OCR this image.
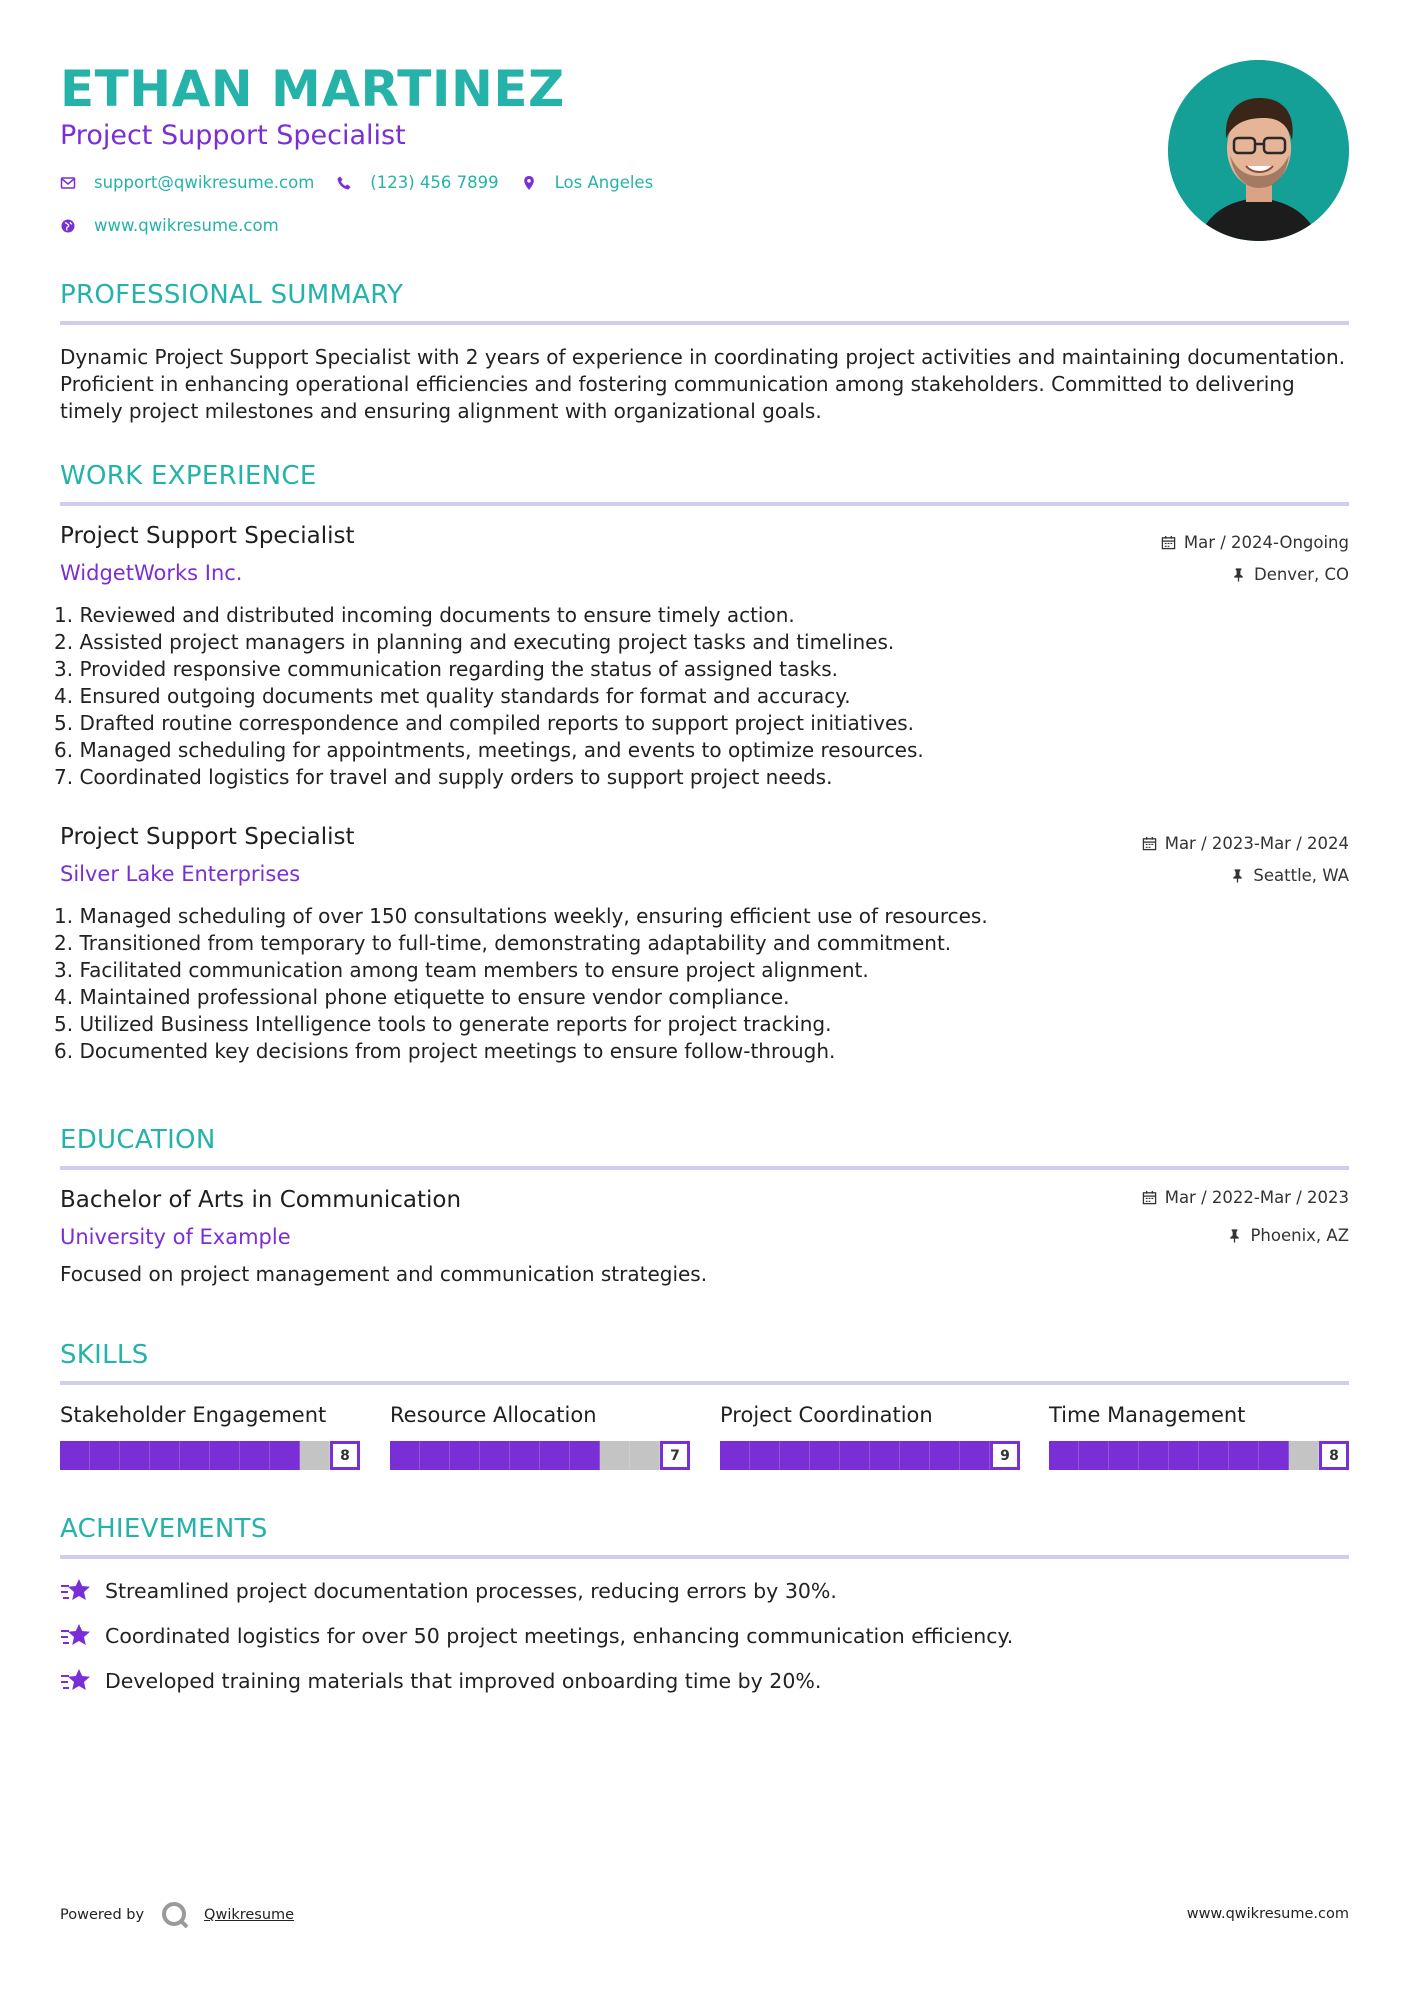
ETHAN MARTINEZ
Project Support Specialist
support@qwikresume.com	(123) 456 7899	Los Angeles
www.qwikresume.com
PROFESSIONAL SUMMARY

Dynamic Project Support Specialist with 2 years of experience in coordinating project activities and maintaining documentation. Proficient in enhancing operational efficiencies and fostering communication among stakeholders. Committed to delivering timely project milestones and ensuring alignment with organizational goals.

WORK EXPERIENCE
Project Support Specialist
WidgetWorks Inc.
Mar / 2024-Ongoing
Denver, CO
1. Reviewed and distributed incoming documents to ensure timely action.
2. Assisted project managers in planning and executing project tasks and timelines.
3. Provided responsive communication regarding the status of assigned tasks.
4. Ensured outgoing documents met quality standards for format and accuracy.
5. Drafted routine correspondence and compiled reports to support project initiatives.
6. Managed scheduling for appointments, meetings, and events to optimize resources.
7. Coordinated logistics for travel and supply orders to support project needs.
Project Support Specialist
Silver Lake Enterprises
Mar / 2023-Mar / 2024
Seattle, WA
1. Managed scheduling of over 150 consultations weekly, ensuring efficient use of resources.
2. Transitioned from temporary to full-time, demonstrating adaptability and commitment.
3. Facilitated communication among team members to ensure project alignment.
4. Maintained professional phone etiquette to ensure vendor compliance.
5. Utilized Business Intelligence tools to generate reports for project tracking.
6. Documented key decisions from project meetings to ensure follow-through.
EDUCATION
Bachelor of Arts in Communication
University of Example
Mar / 2022-Mar / 2023
Phoenix, AZ

Focused on project management and communication strategies.

SKILLS
Stakeholder Engagement
8
Resource Allocation
7
Project Coordination
9
Time Management
8
ACHIEVEMENTS
Streamlined project documentation processes, reducing errors by 30%.
Coordinated logistics for over 50 project meetings, enhancing communication efficiency.
Developed training materials that improved onboarding time by 20%.
Powered by	Qwikresume	www.qwikresume.com
